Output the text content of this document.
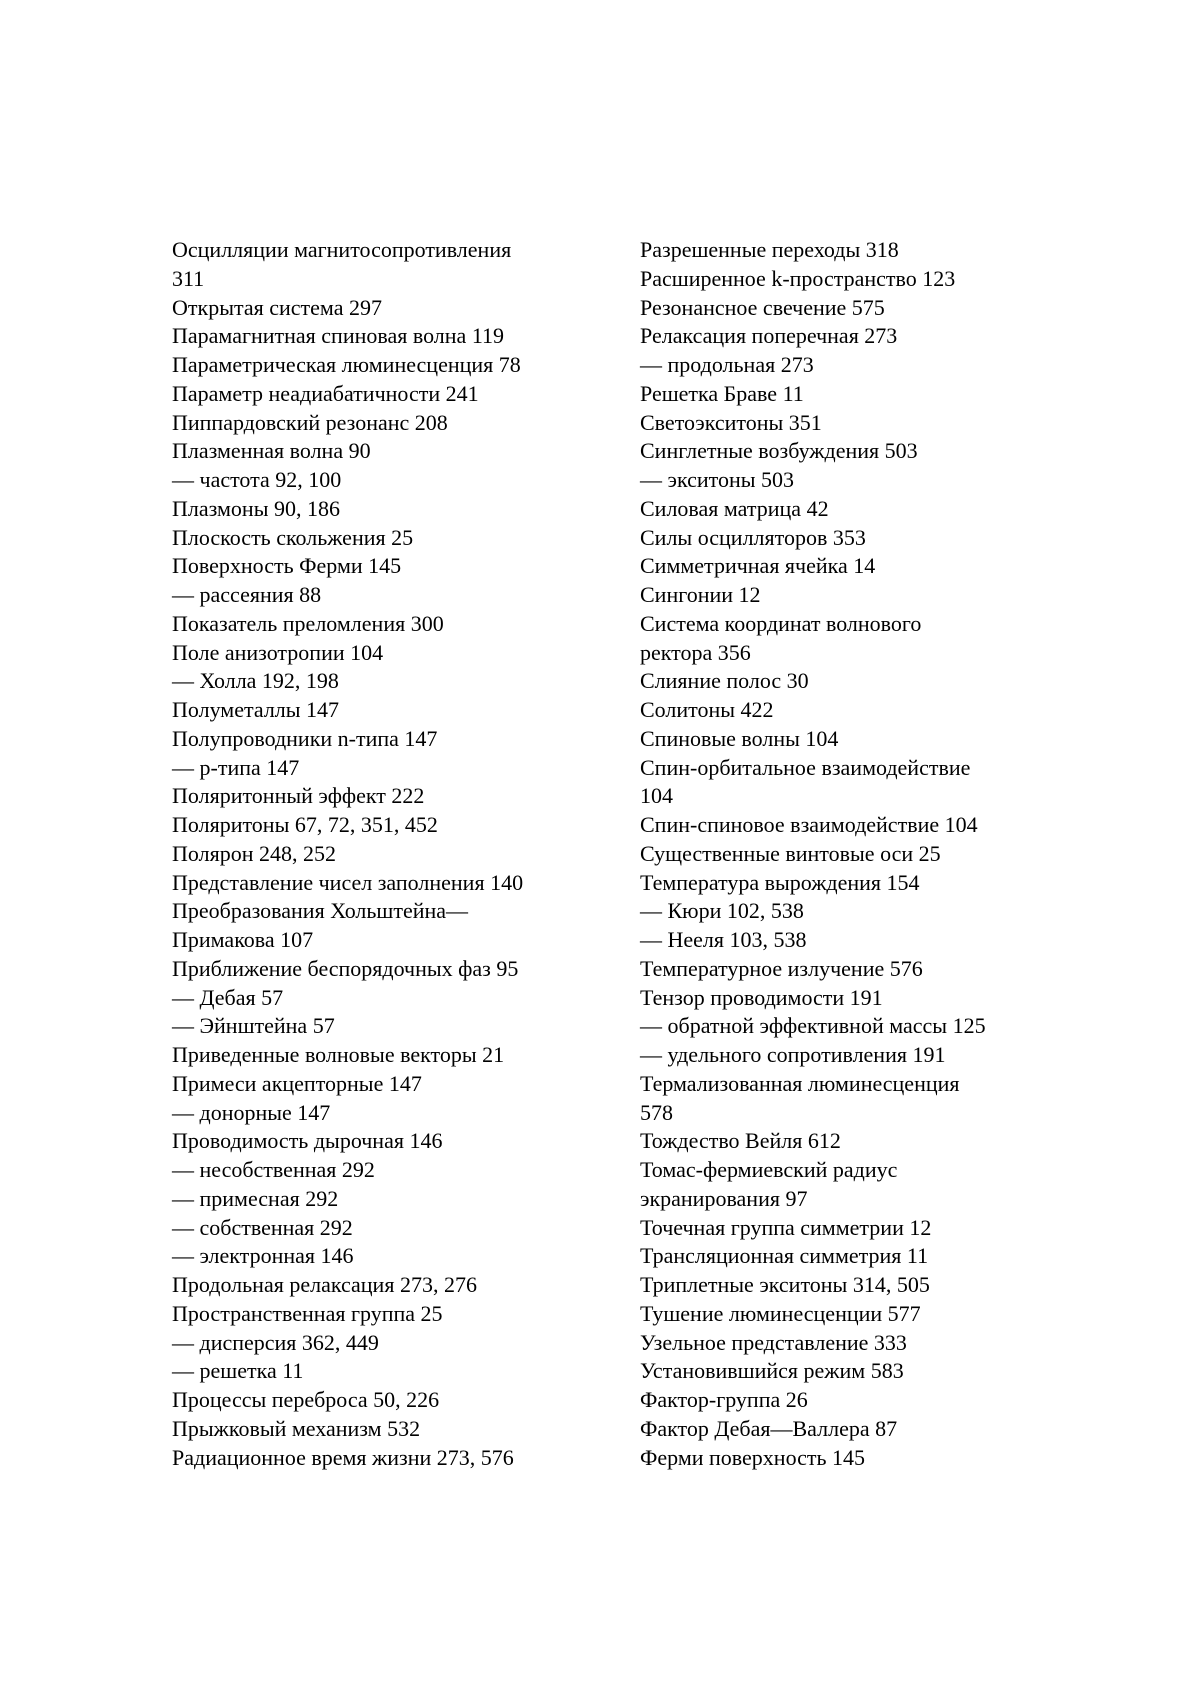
Осцилляции магнитосопротивления
311
Открытая система 297
Парамагнитная спиновая волна 119
Параметрическая люминесценция 78
Параметр неадиабатичности 241
Пиппардовский резонанс 208
Плазменная волна 90
— частота 92, 100
Плазмоны 90, 186
Плоскость скольжения 25
Поверхность Ферми 145
— рассеяния 88
Показатель преломления 300
Поле анизотропии 104
— Холла 192, 198
Полуметаллы 147
Полупроводники n-типа 147
— p-типа 147
Поляритонный эффект 222
Поляритоны 67, 72, 351, 452
Полярон 248, 252
Представление чисел заполнения 140
Преобразования Хольштейна—
Примакова 107
Приближение беспорядочных фаз 95
— Дебая 57
— Эйнштейна 57
Приведенные волновые векторы 21
Примеси акцепторные 147
— донорные 147
Проводимость дырочная 146
— несобственная 292
— примесная 292
— собственная 292
— электронная 146
Продольная релаксация 273, 276
Пространственная группа 25
— дисперсия 362, 449
— решетка 11
Процессы переброса 50, 226
Прыжковый механизм 532
Радиационное время жизни 273, 576
Разрешенные переходы 318
Расширенное k-пространство 123
Резонансное свечение 575
Релаксация поперечная 273
— продольная 273
Решетка Браве 11
Светоэкситоны 351
Синглетные возбуждения 503
— экситоны 503
Силовая матрица 42
Силы осцилляторов 353
Симметричная ячейка 14
Сингонии 12
Система координат волнового
ректора 356
Слияние полос 30
Солитоны 422
Спиновые волны 104
Спин-орбитальное взаимодействие
104
Спин-спиновое взаимодействие 104
Существенные винтовые оси 25
Температура вырождения 154
— Кюри 102, 538
— Нееля 103, 538
Температурное излучение 576
Тензор проводимости 191
— обратной эффективной массы 125
— удельного сопротивления 191
Термализованная люминесценция
578
Тождество Вейля 612
Томас-фермиевский радиус
экранирования 97
Точечная группа симметрии 12
Трансляционная симметрия 11
Триплетные экситоны 314, 505
Тушение люминесценции 577
Узельное представление 333
Установившийся режим 583
Фактор-группа 26
Фактор Дебая—Валлера 87
Ферми поверхность 145
